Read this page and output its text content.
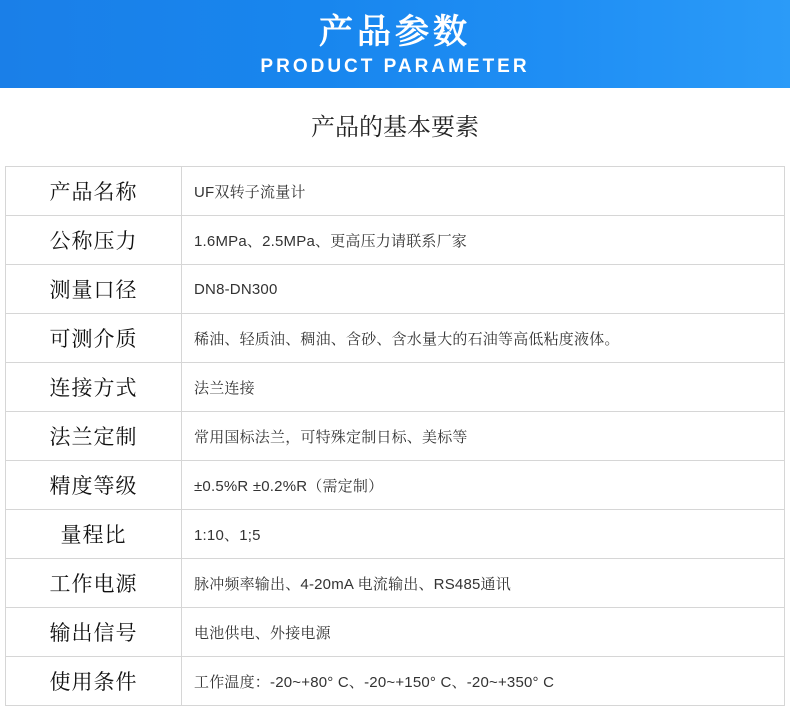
产品参数
PRODUCT PARAMETER
产品的基本要素
产品名称	UF双转子流量计
公称压力	1.6MPa、2.5MPa、更高压力请联系厂家
测量口径	DN8-DN300
可测介质	稀油、轻质油、稠油、含砂、含水量大的石油等高低粘度液体。
连接方式	法兰连接
法兰定制	常用国标法兰，可特殊定制日标、美标等
精度等级	±0.5%R ±0.2%R（需定制）
量程比	1:10、1;5
工作电源	脉冲频率输出、4-20mA 电流输出、RS485通讯
输出信号	电池供电、外接电源
使用条件	工作温度：-20~+80° C、-20~+150° C、-20~+350° C
